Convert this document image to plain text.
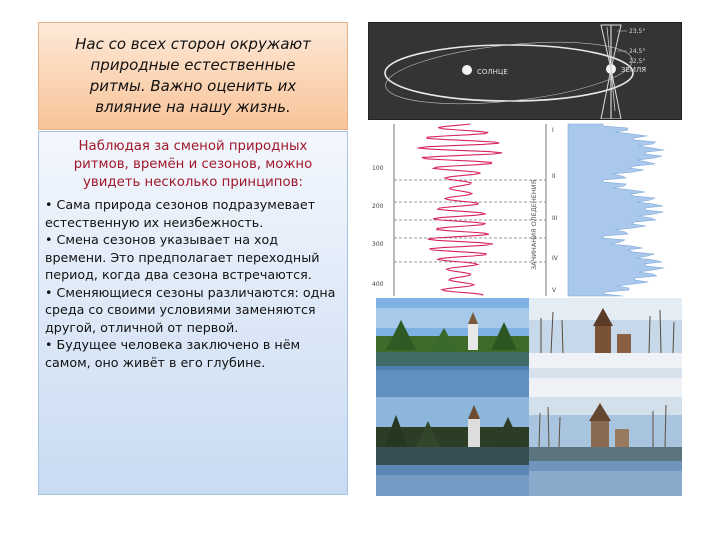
Нас со всех сторон окружают
природные естественные
ритмы. Важно оценить их
влияние на нашу жизнь.
Наблюдая за сменой природных
ритмов, времён и сезонов, можно
увидеть несколько принципов:

• Сама природа сезонов подразумевает естественную их неизбежность.

• Смена сезонов указывает на ход времени. Это предполагает переходный период, когда два сезона встречаются.

• Сменяющиеся сезоны различаются: одна среда со своими условиями заменяются другой, отличной от первой.

• Будущее человека заключено в нём самом, оно живёт в его глубине.

СОЛНЦЕ	ЗЕМЛЯ
23,5°
24,5°
22,5°
100
200
300
400
I
II
III
IV
V
ЗАЧИНАНИЯ ОЛЕДЕНЕНИЯ
